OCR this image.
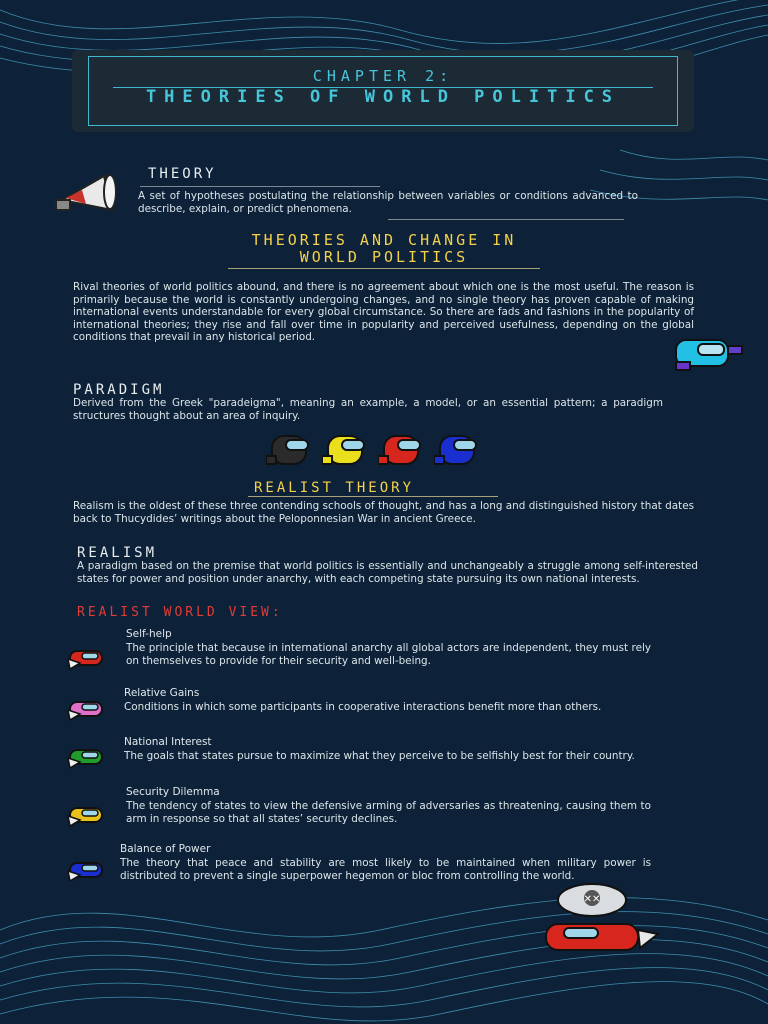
CHAPTER 2:
THEORIES OF WORLD POLITICS
THEORY
A set of hypotheses postulating the relationship between variables or conditions advanced to describe, explain, or predict phenomena.
THEORIES AND CHANGE IN
WORLD POLITICS
Rival theories of world politics abound, and there is no agreement about which one is the most useful. The reason is primarily because the world is constantly undergoing changes, and no single theory has proven capable of making international events understandable for every global circumstance. So there are fads and fashions in the popularity of international theories; they rise and fall over time in popularity and perceived usefulness, depending on the global conditions that prevail in any historical period.
PARADIGM
Derived from the Greek "paradeigma", meaning an example, a model, or an essential pattern; a paradigm structures thought about an area of inquiry.
REALIST THEORY
Realism is the oldest of these three contending schools of thought, and has a long and distinguished history that dates back to Thucydides’ writings about the Peloponnesian War in ancient Greece.
REALISM
A paradigm based on the premise that world politics is essentially and unchangeably a struggle among self-interested states for power and position under anarchy, with each competing state pursuing its own national interests.
REALIST WORLD VIEW:
Self-help
The principle that because in international anarchy all global actors are independent, they must rely on themselves to provide for their security and well-being.
Relative Gains
Conditions in which some participants in cooperative interactions benefit more than others.
National Interest
The goals that states pursue to maximize what they perceive to be selfishly best for their country.
Security Dilemma
The tendency of states to view the defensive arming of adversaries as threatening, causing them to arm in response so that all states’ security declines.
Balance of Power
The theory that peace and stability are most likely to be maintained when military power is distributed to prevent a single superpower hegemon or bloc from controlling the world.
✕✕
